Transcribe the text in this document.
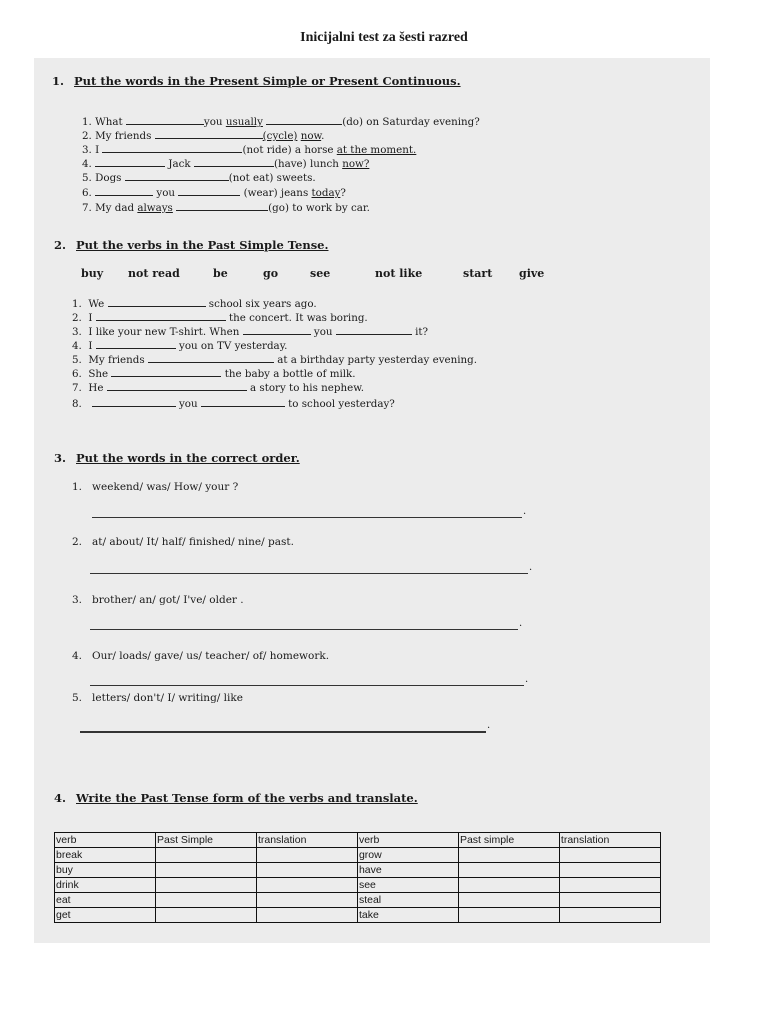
Inicijalni test za šesti razred
1. Put the words in the Present Simple or Present Continuous.
1. What	you usually	(do) on Saturday evening?
2. My friends	(cycle) now.
3. I	(not ride) a horse at the moment.
4.	Jack	(have) lunch now?
5. Dogs	(not eat) sweets.
6.	you	(wear) jeans today?
7. My dad always	(go) to work by car.
2. Put the verbs in the Past Simple Tense.
buy not read	be	go	see	not like	start give
1. We	school six years ago.
2. I	the concert. It was boring.
3. I like your new T-shirt. When	you	it?
4. I	you on TV yesterday.
5. My friends	at a birthday party yesterday evening.
6. She	the baby a bottle of milk.
7. He	a story to his nephew.
8.	you	to school yesterday?
3. Put the words in the correct order.
1. weekend/ was/ How/ your ?
.
2. at/ about/ It/ half/ finished/ nine/ past.
.
3. brother/ an/ got/ I've/ older .
.
4. Our/ loads/ gave/ us/ teacher/ of/ homework.
.
5. letters/ don't/ I/ writing/ like
.
4. Write the Past Tense form of the verbs and translate.
verb	Past Simple	translation	verb	Past simple	translation
break			grow		
buy			have		
drink			see		
eat			steal		
get			take		
